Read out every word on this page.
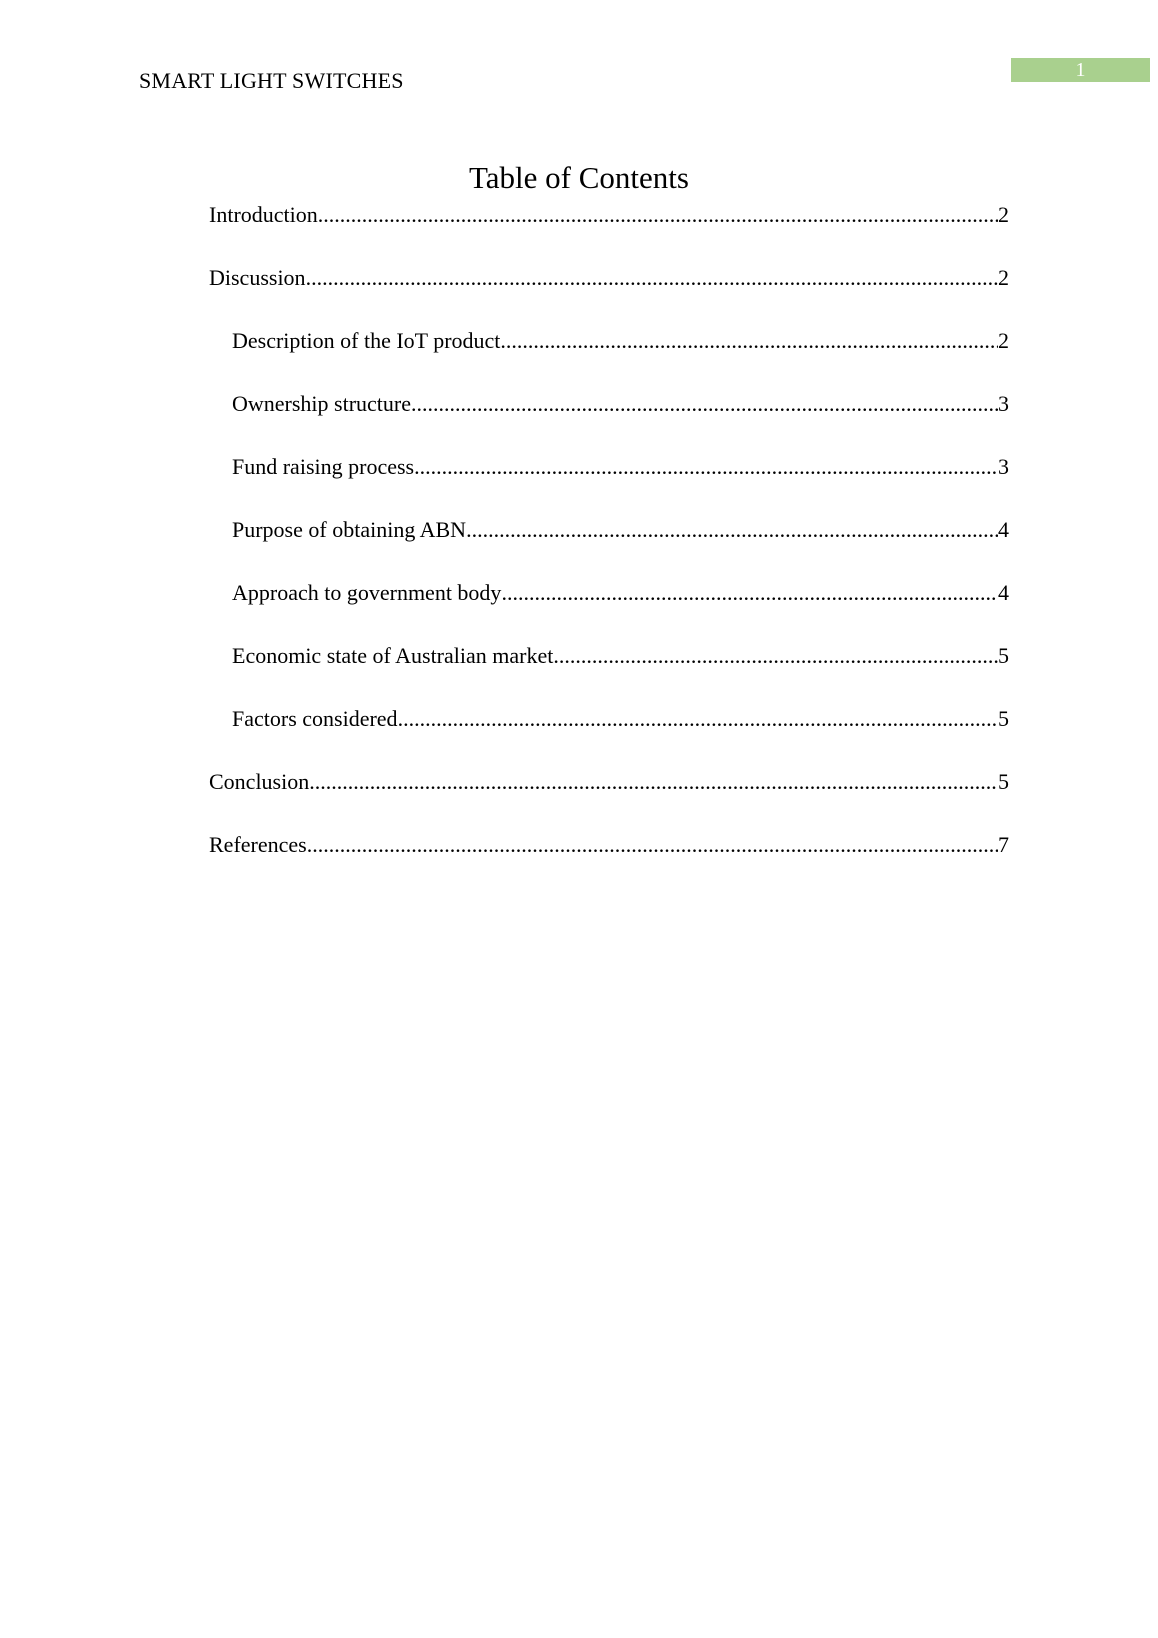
SMART LIGHT SWITCHES	1
Table of Contents
Introduction .....	2
Discussion .....	2
Description of the IoT product .....	2
Ownership structure .....	3
Fund raising process .....	3
Purpose of obtaining ABN .....	4
Approach to government body .....	4
Economic state of Australian market .....	5
Factors considered .....	5
Conclusion .....	5
References .....	7
